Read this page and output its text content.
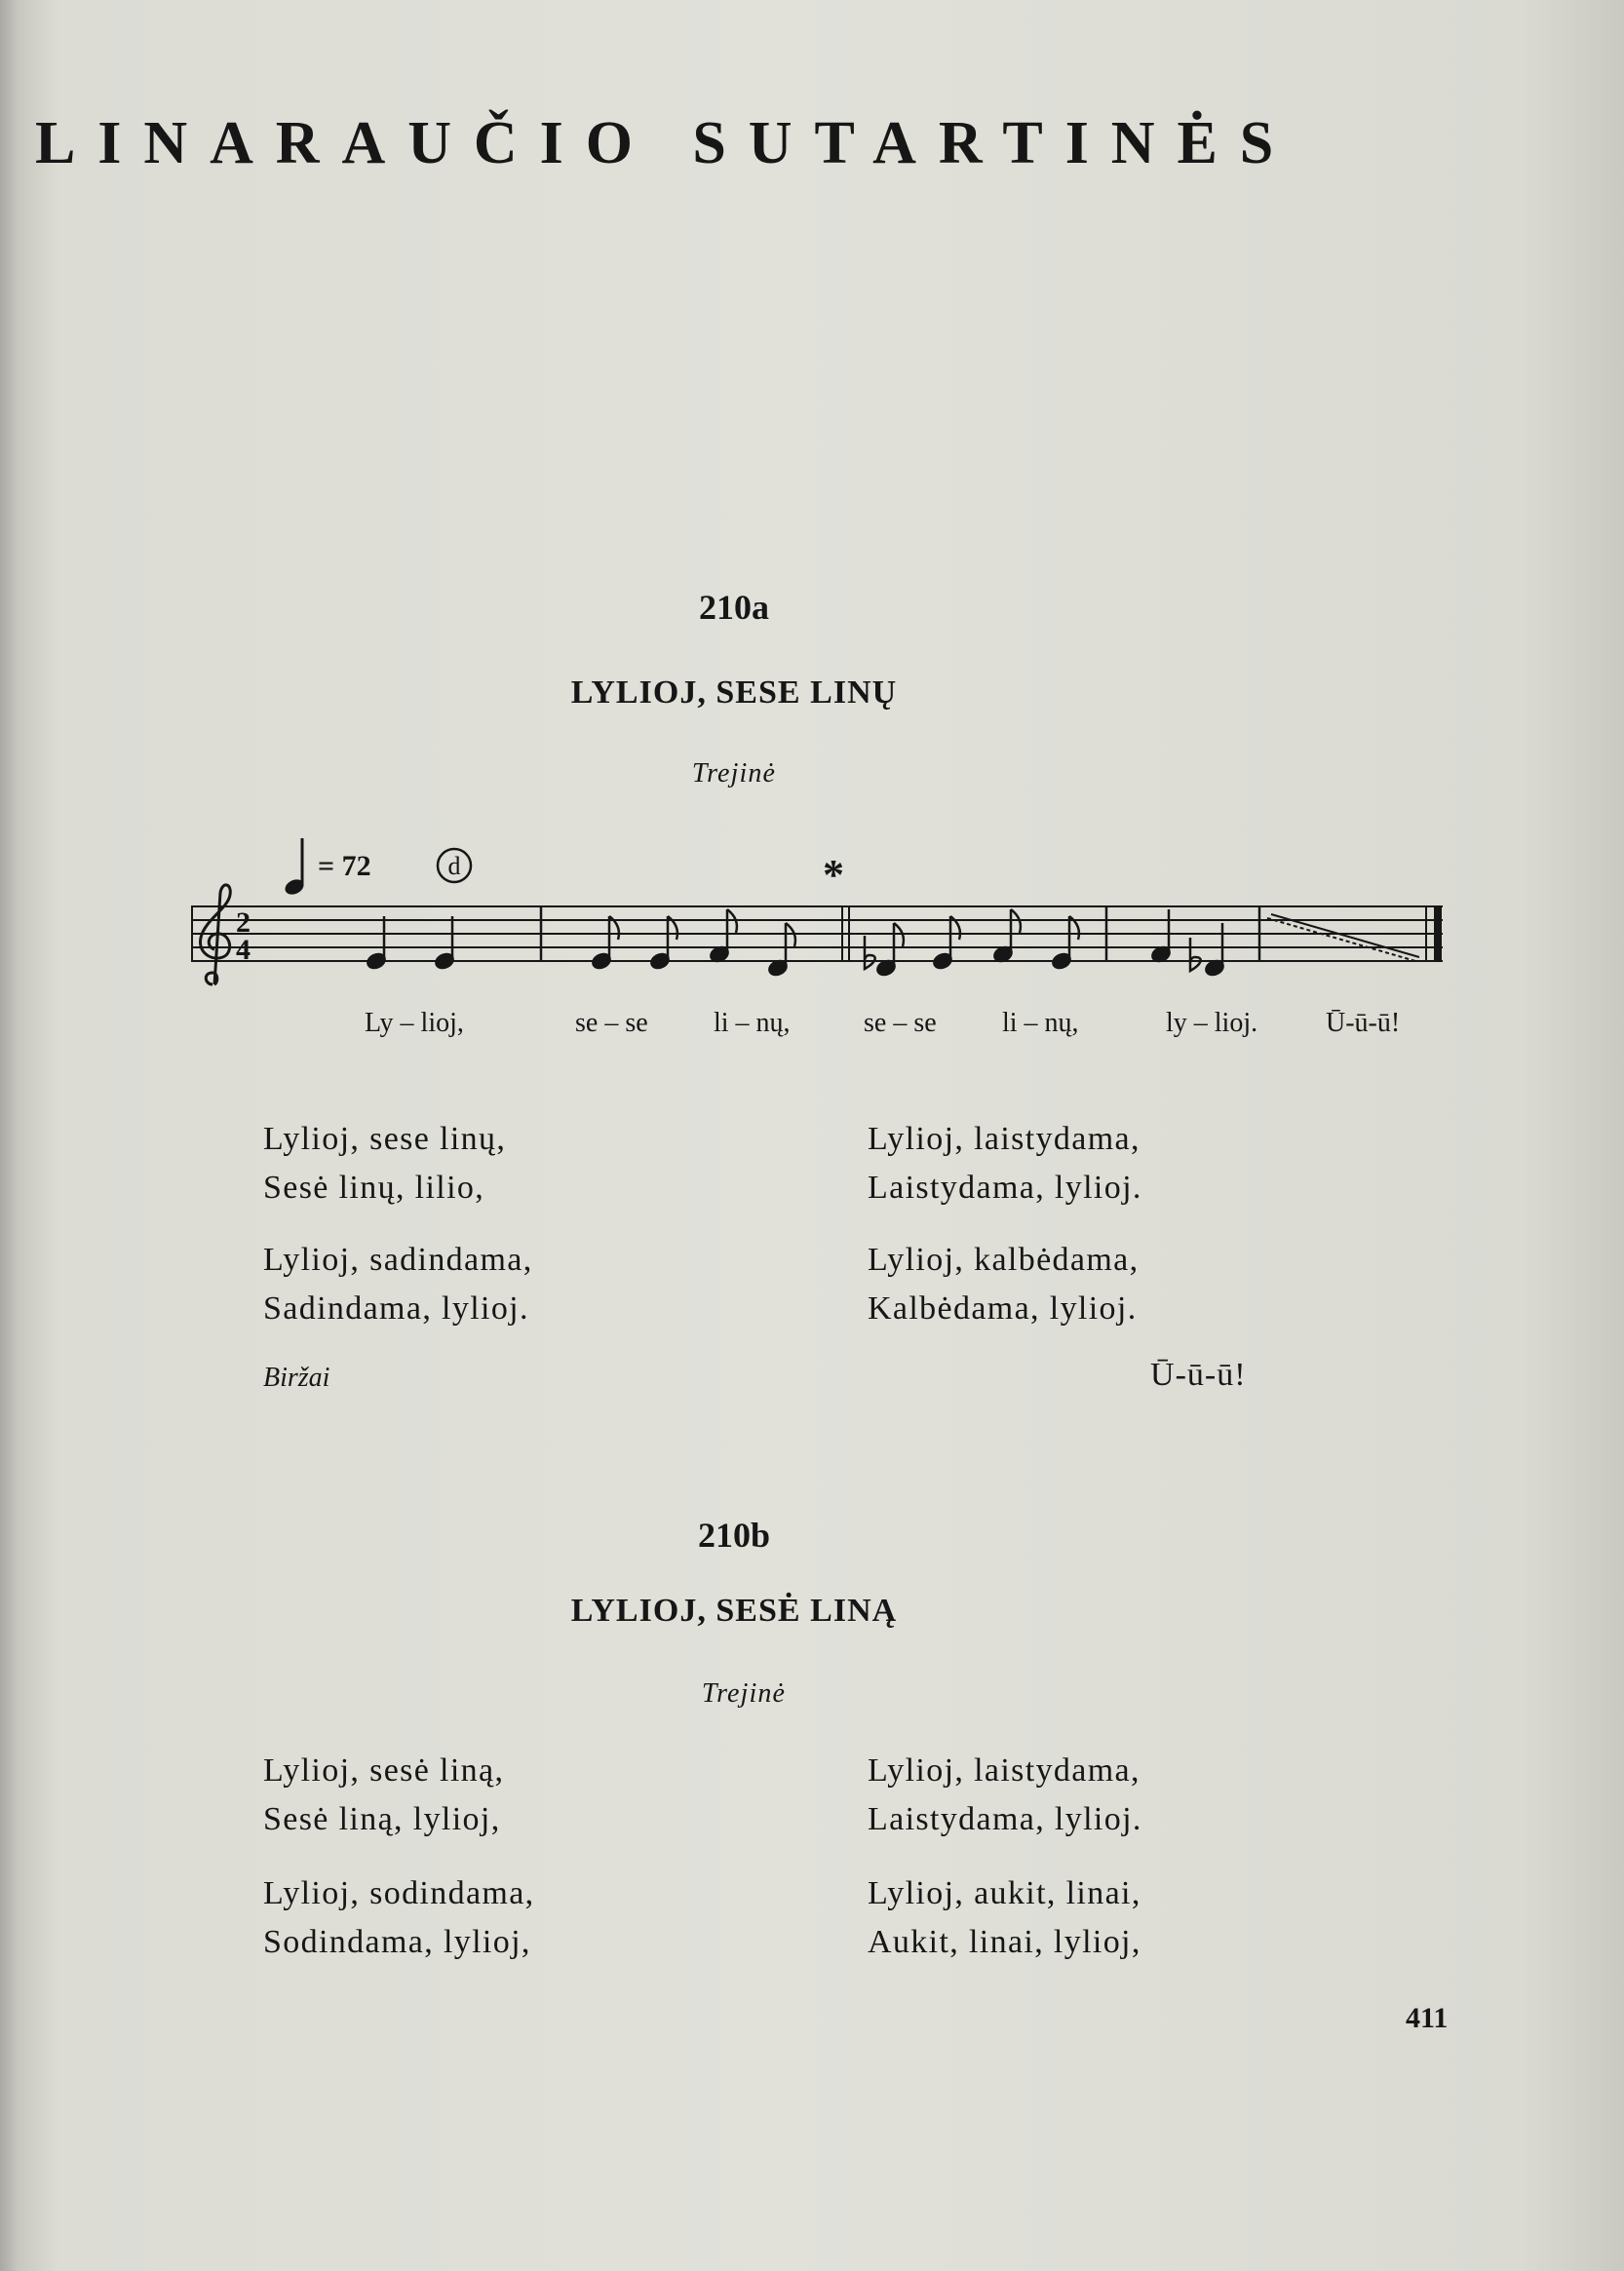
LINARAUČIO SUTARTINĖS
210a
LYLIOJ, SESE LINŲ
Trejinė
= 72	d	*
2
4
Ly – lioj,	se – se li – nų,	se – se li – nų,	ly – lioj. Ū-ū-ū!
Lylioj, sese linų,
Sesė linų, lilio,
Lylioj, sadindama,
Sadindama, lylioj.
Lylioj, laistydama,
Laistydama, lylioj.
Lylioj, kalbėdama,
Kalbėdama, lylioj.
Biržai	Ū-ū-ū!
210b
LYLIOJ, SESĖ LINĄ
Trejinė
Lylioj, sesė liną,
Sesė liną, lylioj,
Lylioj, sodindama,
Sodindama, lylioj,
Lylioj, laistydama,
Laistydama, lylioj.
Lylioj, aukit, linai,
Aukit, linai, lylioj,
411
